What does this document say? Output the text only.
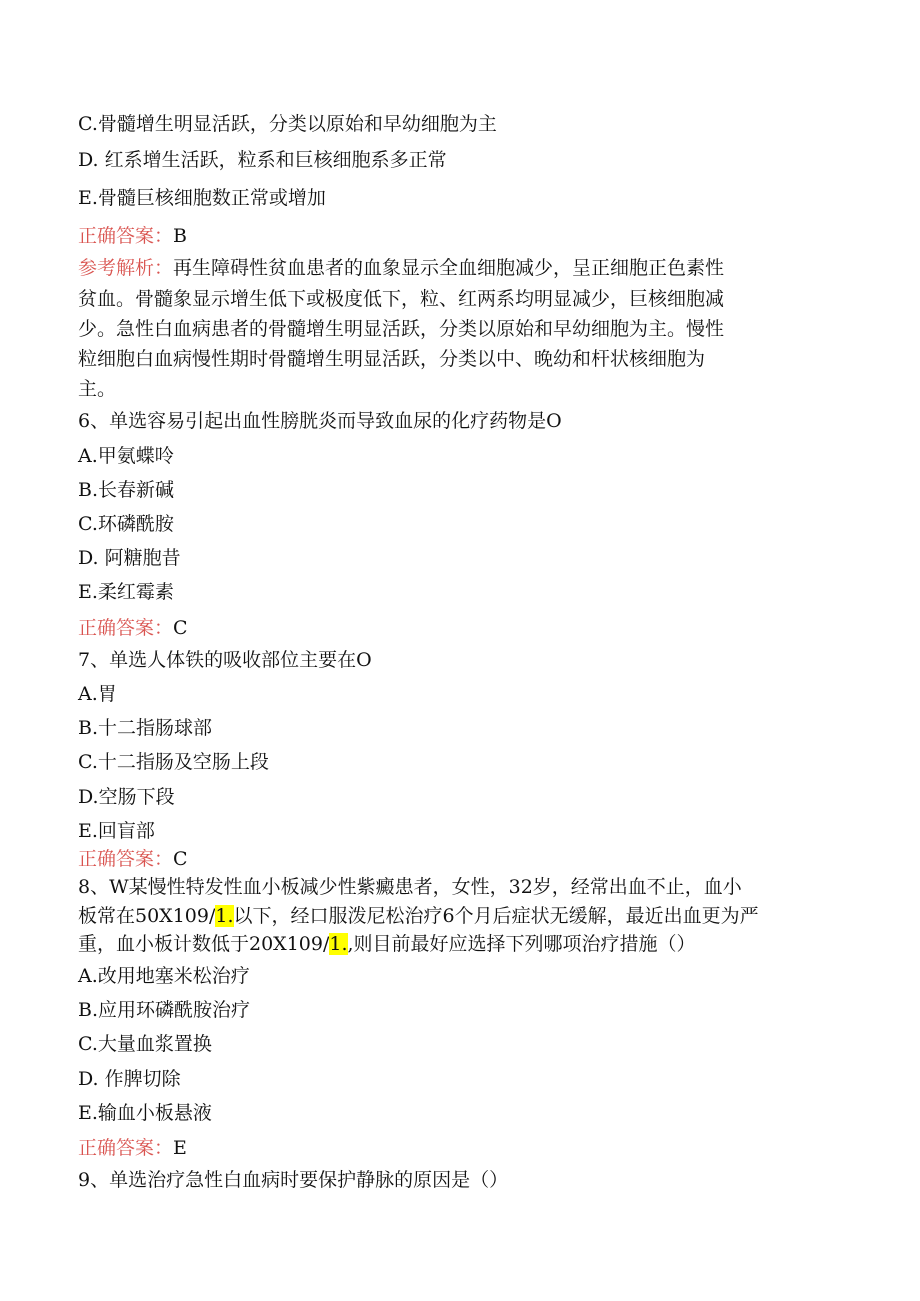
C.骨髓增生明显活跃，分类以原始和早幼细胞为主
D. 红系增生活跃，粒系和巨核细胞系多正常
E.骨髓巨核细胞数正常或增加
正确答案：B
参考解析：再生障碍性贫血患者的血象显示全血细胞减少，呈正细胞正色素性
贫血。骨髓象显示增生低下或极度低下，粒、红两系均明显减少，巨核细胞减
少。急性白血病患者的骨髓增生明显活跃，分类以原始和早幼细胞为主。慢性
粒细胞白血病慢性期时骨髓增生明显活跃，分类以中、晚幼和杆状核细胞为
主。
6、单选容易引起出血性膀胱炎而导致血尿的化疗药物是O
A.甲氨蝶呤
B.长春新碱
C.环磷酰胺
D. 阿糖胞昔
E.柔红霉素
正确答案：C
7、单选人体铁的吸收部位主要在O
A.胃
B.十二指肠球部
C.十二指肠及空肠上段
D.空肠下段
E.回盲部
正确答案：C
8、W某慢性特发性血小板减少性紫癜患者，女性，32岁，经常出血不止，血小
板常在50X109/1.以下，经口服泼尼松治疗6个月后症状无缓解，最近出血更为严
重，血小板计数低于20X109/1.,则目前最好应选择下列哪项治疗措施（）
A.改用地塞米松治疗
B.应用环磷酰胺治疗
C.大量血浆置换
D. 作脾切除
E.输血小板悬液
正确答案：E
9、单选治疗急性白血病时要保护静脉的原因是（）
